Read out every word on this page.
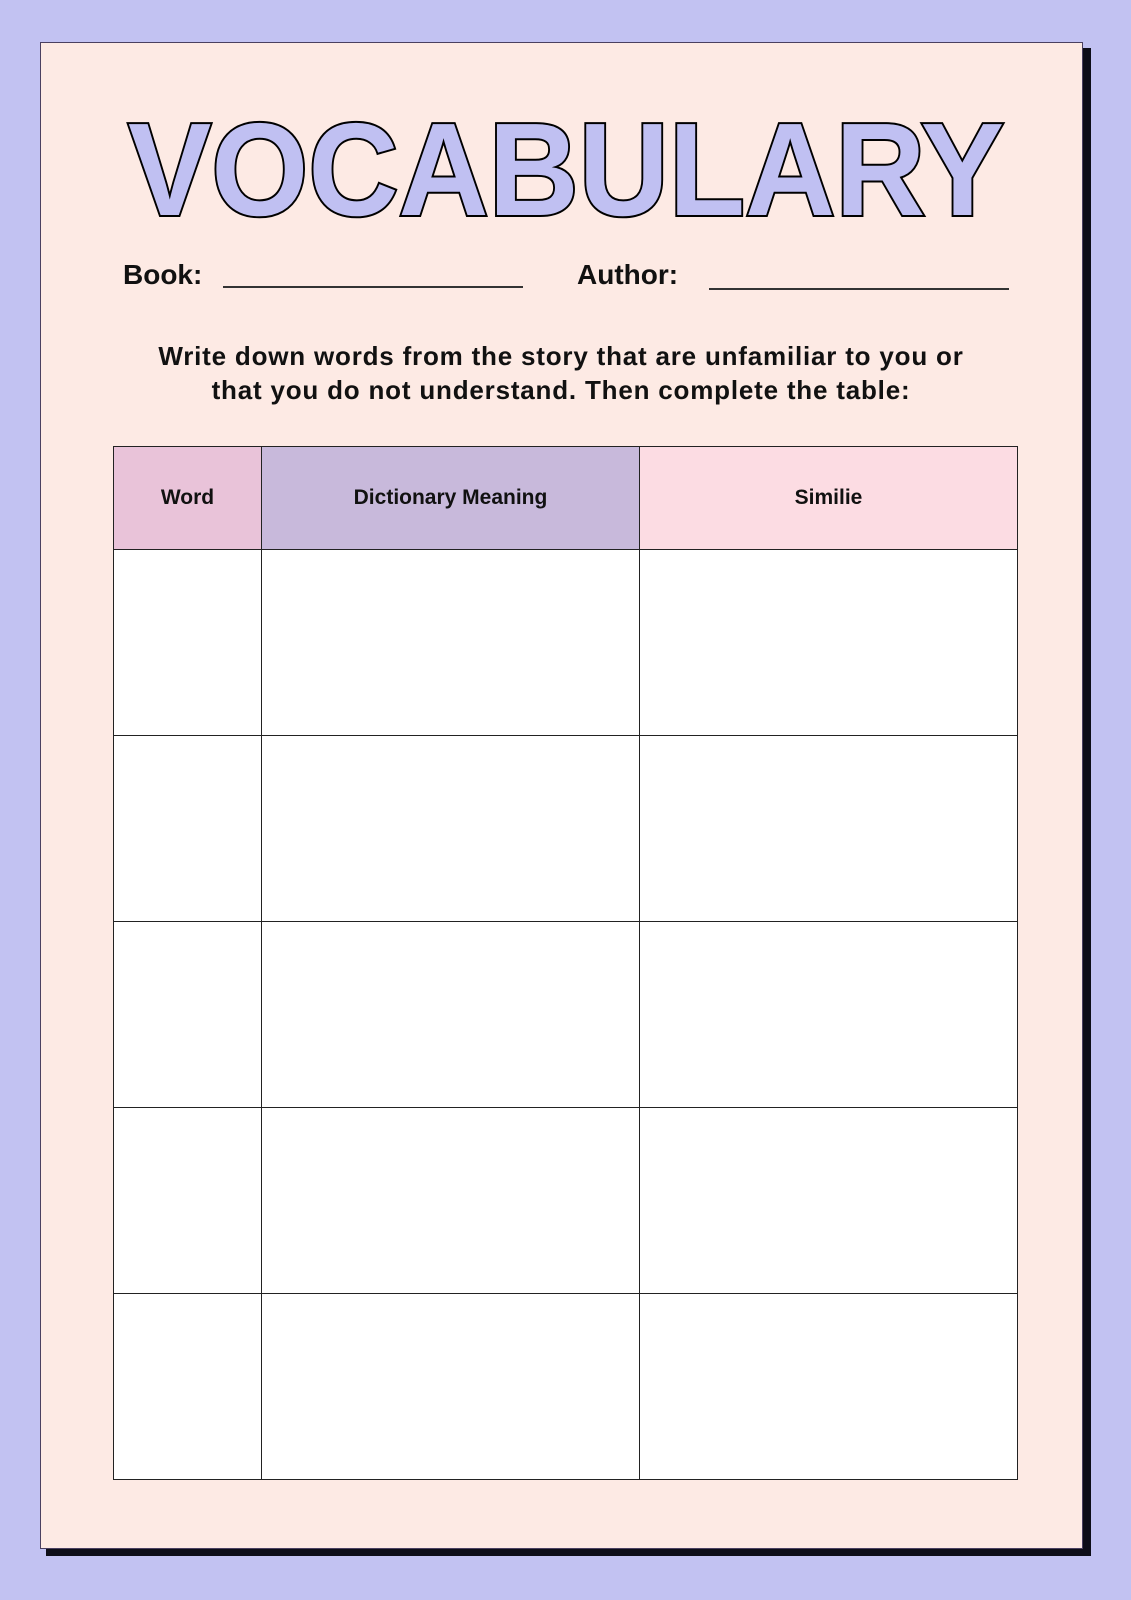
VOCABULARY
Book:	Author:
Write down words from the story that are unfamiliar to you or
that you do not understand. Then complete the table:
Word	Dictionary Meaning	Similie
